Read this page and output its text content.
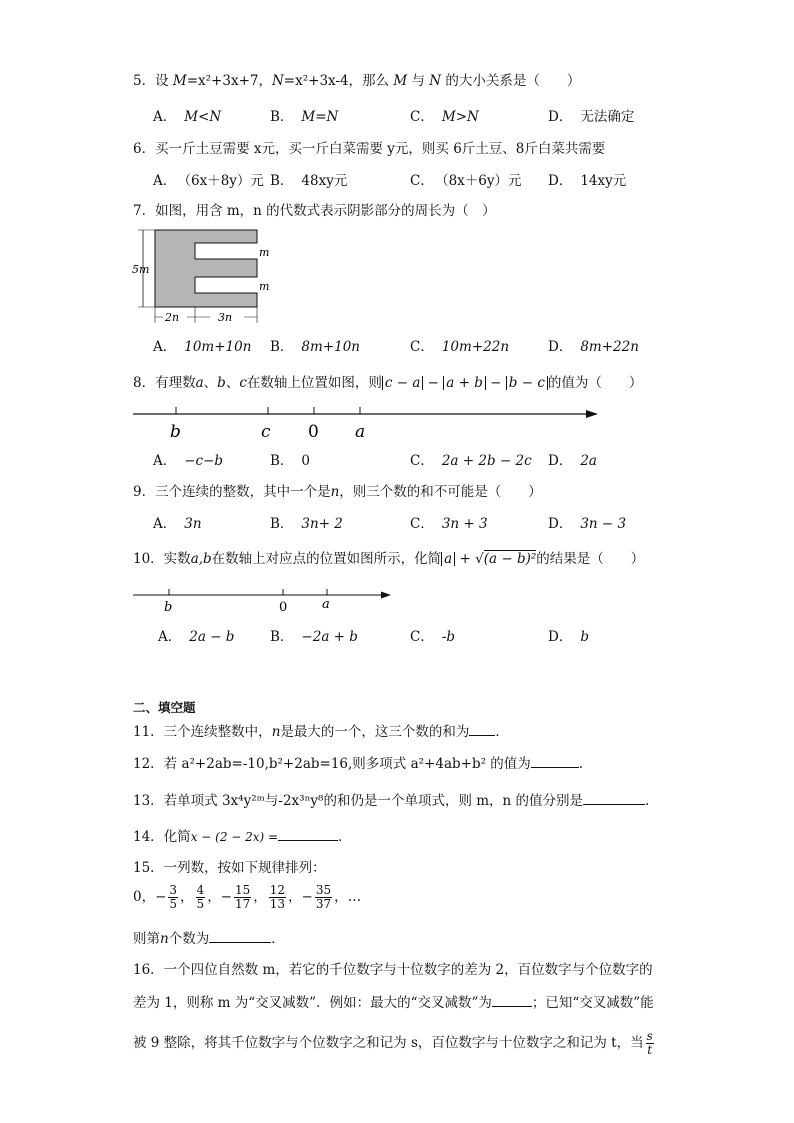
5．设 M=x²+3x+7，N=x²+3x-4，那么 M 与 N 的大小关系是（　　）
A． M<N	B． M=N	C． M>N	D． 无法确定
6．买一斤土豆需要 x元，买一斤白菜需要 y元，则买 6斤土豆、8斤白菜共需要
A． （6x＋8y）元 B． 48xy元	C． （8x＋6y）元 D． 14xy元
7．如图，用含 m，n 的代数式表示阴影部分的周长为（　）
5m
m
m
2n	3n
A． 10m+10n B． 8m+10n	C． 10m+22n	D． 8m+22n
8．有理数a、b、c在数轴上位置如图，则 c − a − a + b − b − c 的值为（　　）
b	c 0 a
A． −c−b	B． 0	C． 2a + 2b − 2c D． 2a
9．三个连续的整数，其中一个是n，则三个数的和不可能是（　　）
A． 3n	B． 3n+ 2	C． 3n + 3	D． 3n − 3
10．实数a,b在数轴上对应点的位置如图所示，化简 a + √(a − b)²的结果是（　　）
b	0	a
A． 2a − b	B． −2a + b	C． -b	D． b
二、填空题
11．三个连续整数中，n是最大的一个，这三个数的和为 ．
12．若 a²+2ab=-10,b²+2ab=16,则多项式 a²+4ab+b² 的值为	.
13．若单项式 3x⁴y²ᵐ与-2x³ⁿy⁸的和仍是一个单项式，则 m，n 的值分别是	.
14．化简x − (2 − 2x) =	．
15．一列数，按如下规律排列：
0，− $\frac{3}{5}$ ， $\frac{4}{5}$ ，− $\frac{15}{17}$ ， $\frac{12}{13}$ ，− $\frac{35}{37}$ ，…
则第n个数为	．
16．一个四位自然数 m，若它的千位数字与十位数字的差为 2，百位数字与个位数字的
差为 1，则称 m 为“交叉减数”．例如：最大的“交叉减数”为	；已知“交叉减数”能
被 9 整除，将其千位数字与个位数字之和记为 s，百位数字与十位数字之和记为 t，当 $\frac{s}{t}$
